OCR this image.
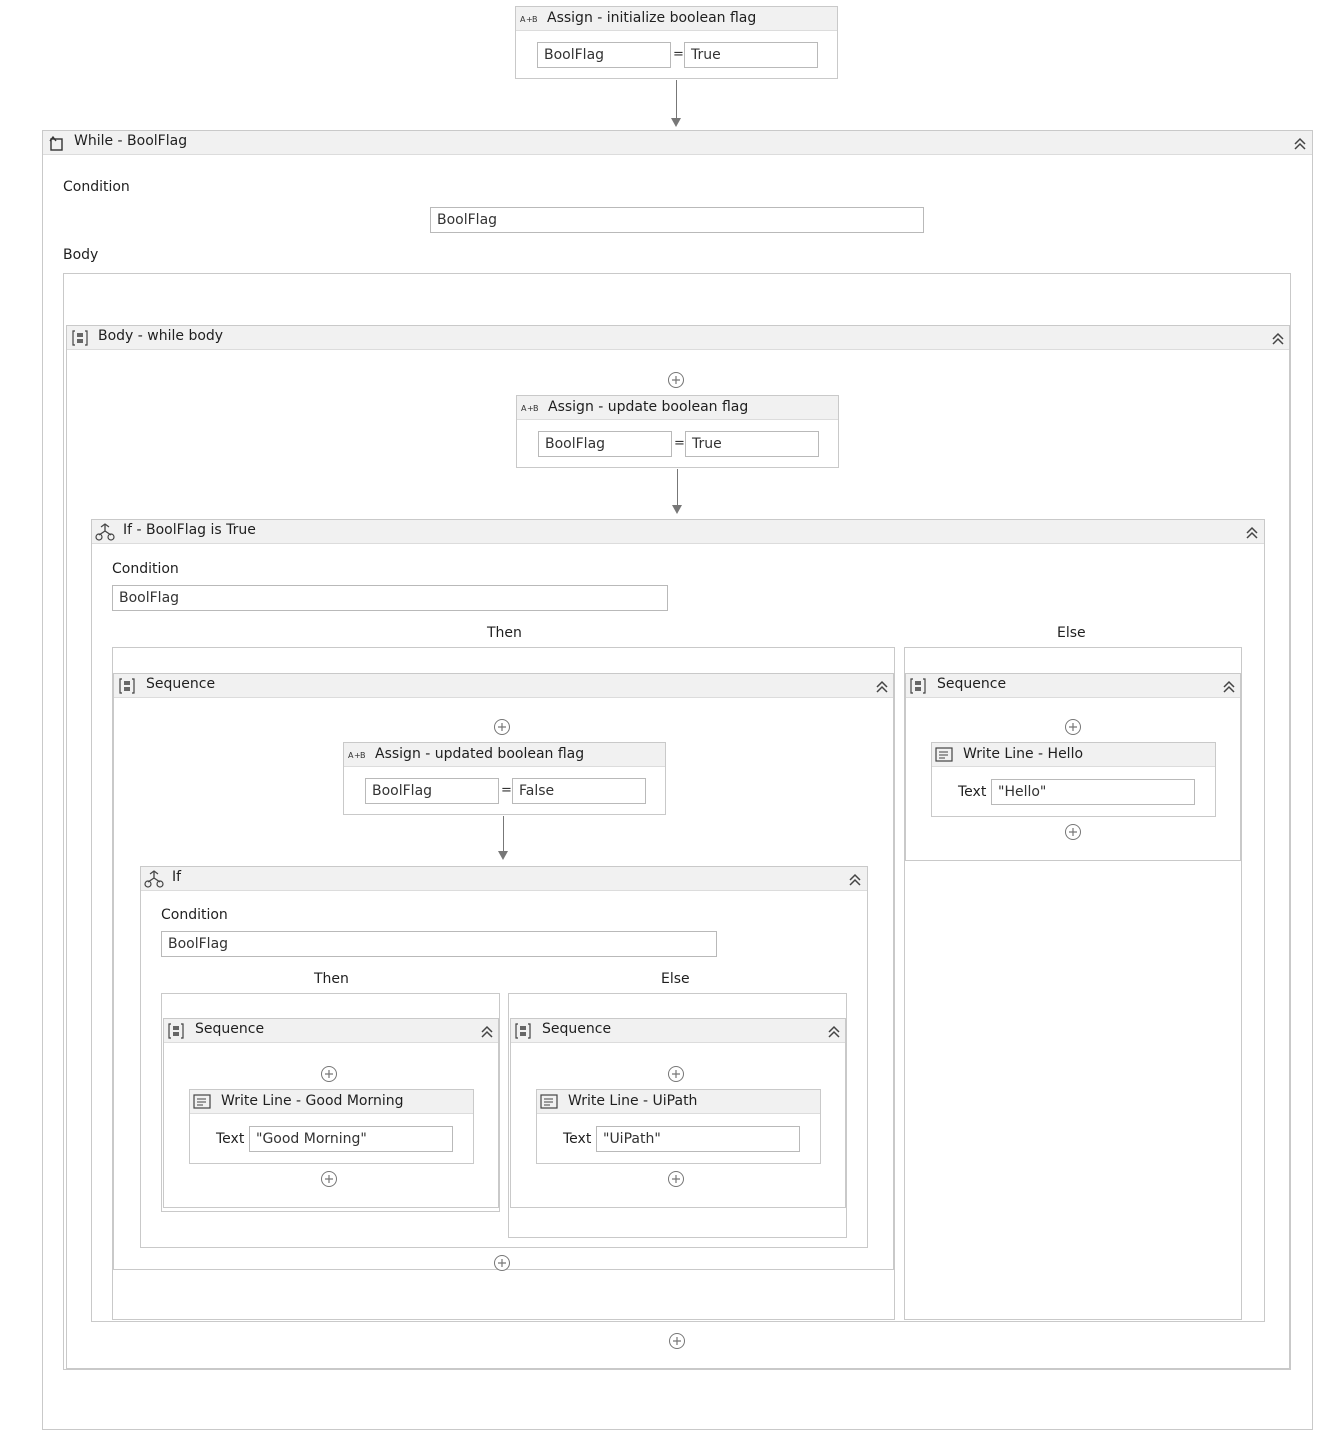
A + B Assign - initialize boolean flag
BoolFlag	= True
While - BoolFlag
Condition
BoolFlag
Body
Body - while body
A + B Assign - update boolean flag
BoolFlag	= True
If - BoolFlag is True
Condition
BoolFlag
Then	Else
Sequence
A + B Assign - updated boolean flag
BoolFlag	= False
If
Condition
BoolFlag
Then	Else
Sequence
Write Line - Good Morning
Text "Good Morning"
Sequence
Write Line - UiPath
Text "UiPath"
Sequence
Write Line - Hello
Text "Hello"
